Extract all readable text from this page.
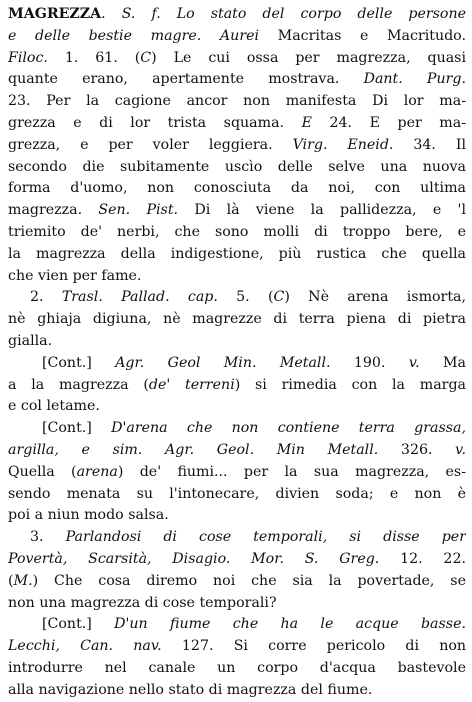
MAGREZZA. S. f. Lo stato del corpo delle persone
e delle bestie magre. Aurei Macritas e Macritudo.
Filoc. 1. 61. (C) Le cui ossa per magrezza, quasi
quante erano, apertamente mostrava. Dant. Purg.
23. Per la cagione ancor non manifesta Di lor ma-
grezza e di lor trista squama. E 24. E per ma-
grezza, e per voler leggiera. Virg. Eneid. 34. Il
secondo die subitamente uscìo delle selve una nuova
forma d'uomo, non conosciuta da noi, con ultima
magrezza. Sen. Pist. Di là viene la pallidezza, e 'l
triemito de' nerbi, che sono molli di troppo bere, e
la magrezza della indigestione, più rustica che quella
che vien per fame.
2. Trasl. Pallad. cap. 5. (C) Nè arena ismorta,
nè ghiaja digiuna, nè magrezze di terra piena di pietra
gialla.
[Cont.] Agr. Geol Min. Metall. 190. v. Ma
a la magrezza (de' terreni) si rimedia con la marga
e col letame.
[Cont.] D'arena che non contiene terra grassa,
argilla, e sim. Agr. Geol. Min Metall. 326. v.
Quella (arena) de' fiumi... per la sua magrezza, es-
sendo menata su l'intonecare, divien soda; e non è
poi a niun modo salsa.
3. Parlandosi di cose temporali, si disse per
Povertà, Scarsità, Disagio. Mor. S. Greg. 12. 22.
(M.) Che cosa diremo noi che sia la povertade, se
non una magrezza di cose temporali?
[Cont.] D'un fiume che ha le acque basse.
Lecchi, Can. nav. 127. Si corre pericolo di non
introdurre nel canale un corpo d'acqua bastevole
alla navigazione nello stato di magrezza del fiume.
